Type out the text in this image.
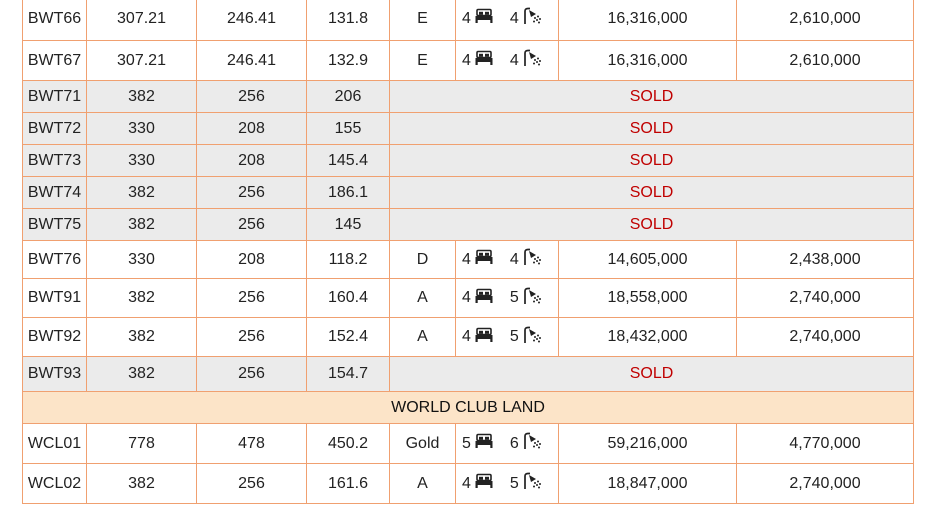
BWT66	307.21	246.41	131.8	E	4 4	16,316,000	2,610,000
BWT67	307.21	246.41	132.9	E	4 4	16,316,000	2,610,000
BWT71	382	256	206	SOLD			
BWT72	330	208	155	SOLD			
BWT73	330	208	145.4	SOLD			
BWT74	382	256	186.1	SOLD			
BWT75	382	256	145	SOLD			
BWT76	330	208	118.2	D	4 4	14,605,000	2,438,000
BWT91	382	256	160.4	A	4 5	18,558,000	2,740,000
BWT92	382	256	152.4	A	4 5	18,432,000	2,740,000
BWT93	382	256	154.7	SOLD			
WORLD CLUB LAND							
WCL01	778	478	450.2	Gold	5 6	59,216,000	4,770,000
WCL02	382	256	161.6	A	4 5	18,847,000	2,740,000
